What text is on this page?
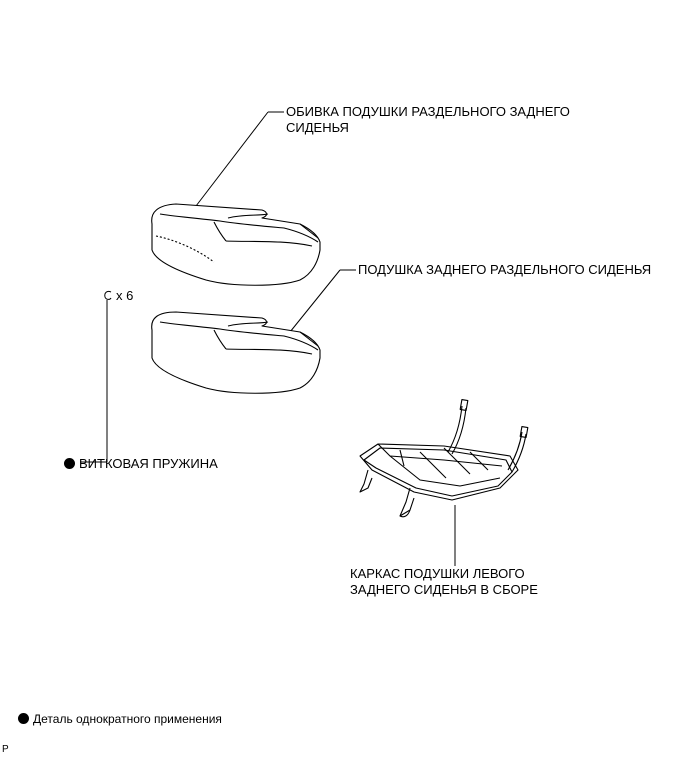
ОБИВКА ПОДУШКИ РАЗДЕЛЬНОГО ЗАДНЕГО
СИДЕНЬЯ
ПОДУШКА ЗАДНЕГО РАЗДЕЛЬНОГО СИДЕНЬЯ
x 6
ВИТКОВАЯ ПРУЖИНА
КАРКАС ПОДУШКИ ЛЕВОГО
ЗАДНЕГО СИДЕНЬЯ В СБОРЕ
Деталь однократного применения
P
